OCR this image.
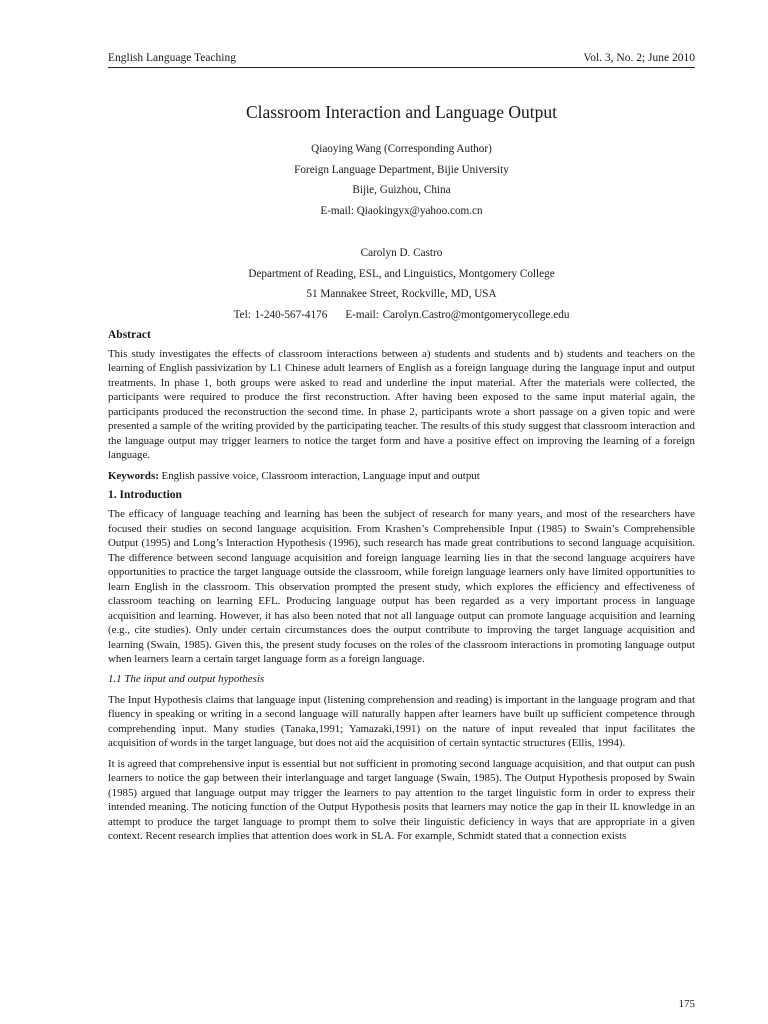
English Language Teaching	Vol. 3, No. 2; June 2010
Classroom Interaction and Language Output

Qiaoying Wang (Corresponding Author)

Foreign Language Department, Bijie University

Bijie, Guizhou, China

E-mail: Qiaokingyx@yahoo.com.cn

Carolyn D. Castro

Department of Reading, ESL, and Linguistics, Montgomery College

51 Mannakee Street, Rockville, MD, USA

Tel: 1-240-567-4176 E-mail: Carolyn.Castro@montgomerycollege.edu

Abstract

This study investigates the effects of classroom interactions between a) students and students and b) students and teachers on the learning of English passivization by L1 Chinese adult learners of English as a foreign language during the language input and output treatments. In phase 1, both groups were asked to read and underline the input material. After the materials were collected, the participants were required to produce the first reconstruction. After having been exposed to the same input material again, the participants produced the reconstruction the second time. In phase 2, participants wrote a short passage on a given topic and were presented a sample of the writing provided by the participating teacher. The results of this study suggest that classroom interaction and the language output may trigger learners to notice the target form and have a positive effect on improving the learning of a foreign language.

Keywords: English passive voice, Classroom interaction, Language input and output
1. Introduction

The efficacy of language teaching and learning has been the subject of research for many years, and most of the researchers have focused their studies on second language acquisition. From Krashen’s Comprehensible Input (1985) to Swain’s Comprehensible Output (1995) and Long’s Interaction Hypothesis (1996), such research has made great contributions to second language acquisition. The difference between second language acquisition and foreign language learning lies in that the second language acquirers have opportunities to practice the target language outside the classroom, while foreign language learners only have limited opportunities to learn English in the classroom. This observation prompted the present study, which explores the efficiency and effectiveness of classroom teaching on learning EFL. Producing language output has been regarded as a very important process in language acquisition and learning. However, it has also been noted that not all language output can promote language acquisition and learning (e.g., cite studies). Only under certain circumstances does the output contribute to improving the target language acquisition and learning (Swain, 1985). Given this, the present study focuses on the roles of the classroom interactions in promoting language output when learners learn a certain target language form as a foreign language.

1.1 The input and output hypothesis

The Input Hypothesis claims that language input (listening comprehension and reading) is important in the language program and that fluency in speaking or writing in a second language will naturally happen after learners have built up sufficient competence through comprehending input. Many studies (Tanaka,1991; Yamazaki,1991) on the nature of input revealed that input facilitates the acquisition of words in the target language, but does not aid the acquisition of certain syntactic structures (Ellis, 1994).

It is agreed that comprehensive input is essential but not sufficient in promoting second language acquisition, and that output can push learners to notice the gap between their interlanguage and target language (Swain, 1985). The Output Hypothesis proposed by Swain (1985) argued that language output may trigger the learners to pay attention to the target linguistic form in order to express their intended meaning. The noticing function of the Output Hypothesis posits that learners may notice the gap in their IL knowledge in an attempt to produce the target language to prompt them to solve their linguistic deficiency in ways that are appropriate in a given context. Recent research implies that attention does work in SLA. For example, Schmidt stated that a connection exists

175
